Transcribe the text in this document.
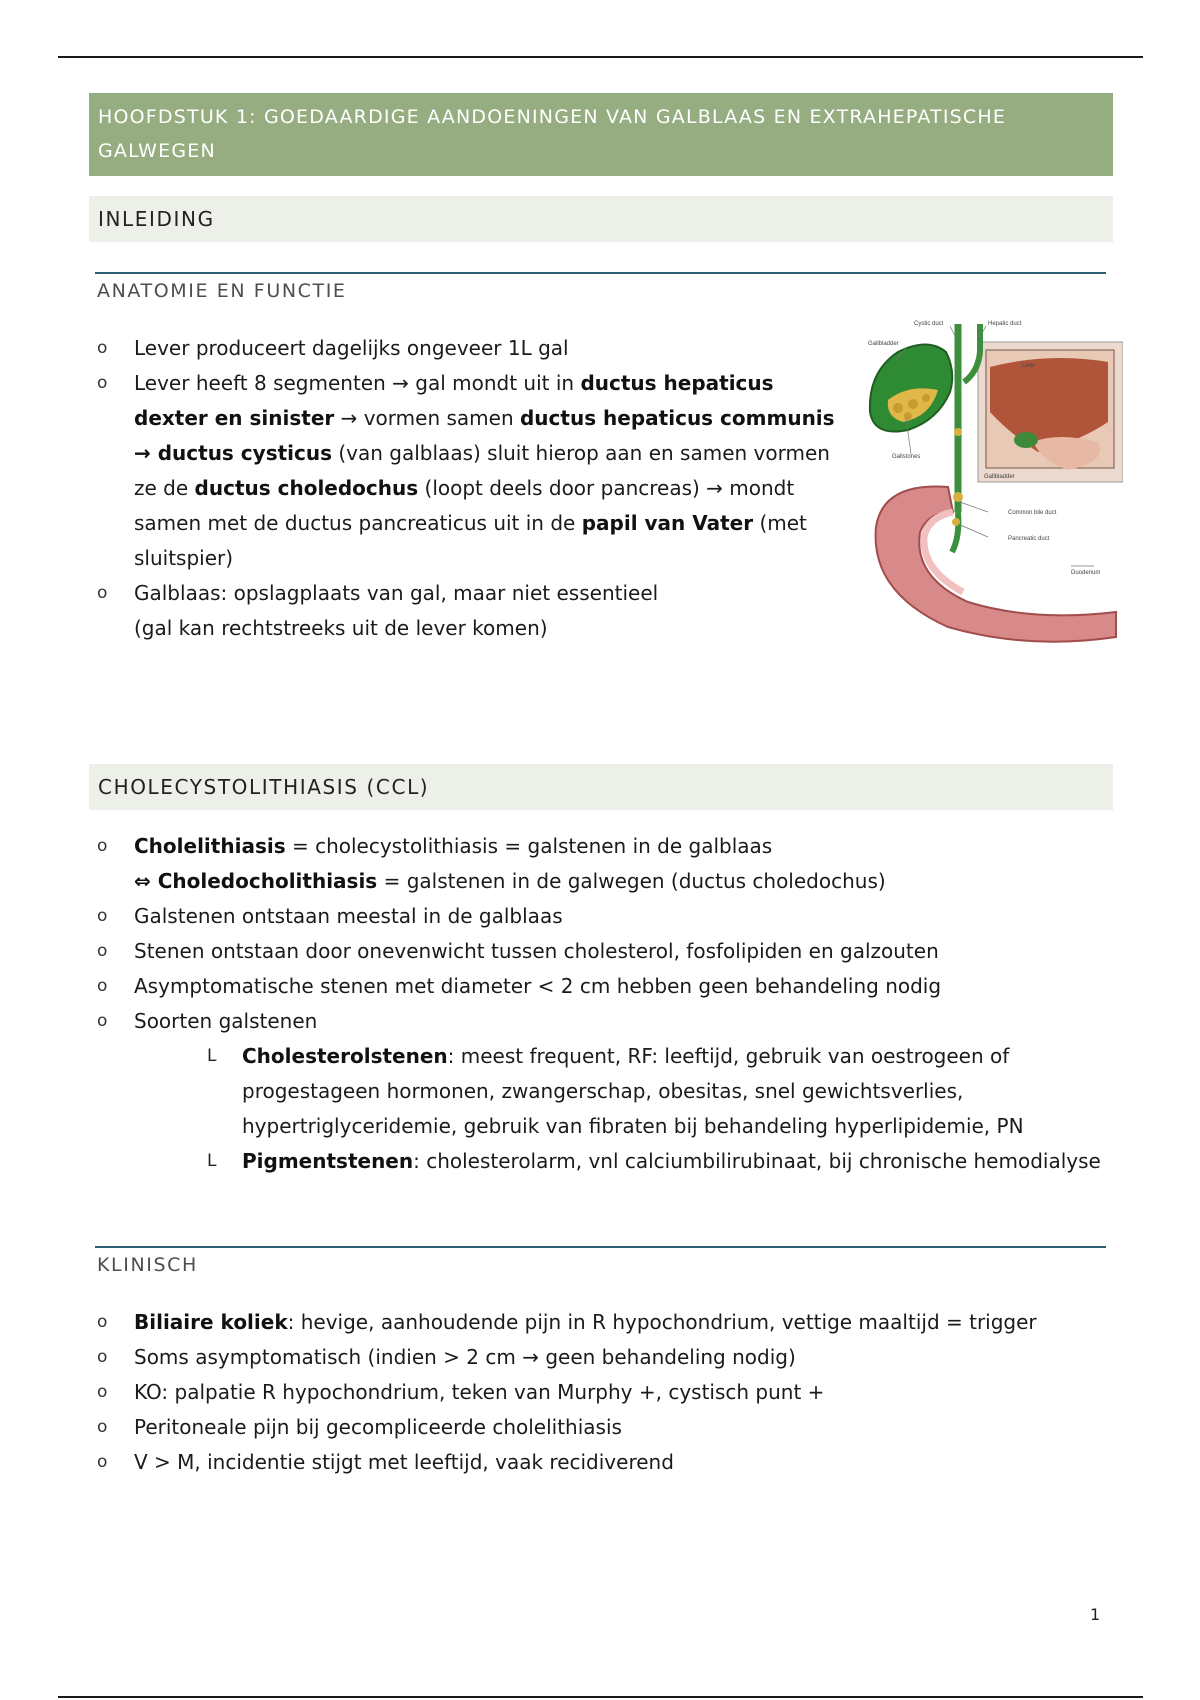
HOOFDSTUK 1: GOEDAARDIGE AANDOENINGEN VAN GALBLAAS EN EXTRAHEPATISCHE GALWEGEN
INLEIDING
ANATOMIE EN FUNCTIE
o Lever produceert dagelijks ongeveer 1L gal
o Lever heeft 8 segmenten → gal mondt uit in ductus hepaticus dexter en sinister → vormen samen ductus hepaticus communis
→ ductus cysticus (van galblaas) sluit hierop aan en samen vormen ze de ductus choledochus (loopt deels door pancreas) → mondt samen met de ductus pancreaticus uit in de papil van Vater (met sluitspier)
o Galblaas: opslagplaats van gal, maar niet essentieel
(gal kan rechtstreeks uit de lever komen)
Cystic duct	Hepatic duct
Gallbladder
Liver
Gallstones
Gallbladder
Common bile duct
Pancreatic duct
Duodenum
CHOLECYSTOLITHIASIS (CCL)
o Cholelithiasis = cholecystolithiasis = galstenen in de galblaas
⇔ Choledocholithiasis = galstenen in de galwegen (ductus choledochus)
o Galstenen ontstaan meestal in de galblaas
o Stenen ontstaan door onevenwicht tussen cholesterol, fosfolipiden en galzouten
o Asymptomatische stenen met diameter < 2 cm hebben geen behandeling nodig
o Soorten galstenen
L Cholesterolstenen: meest frequent, RF: leeftijd, gebruik van oestrogeen of progestageen hormonen, zwangerschap, obesitas, snel gewichtsverlies, hypertriglyceridemie, gebruik van fibraten bij behandeling hyperlipidemie, PN
L Pigmentstenen: cholesterolarm, vnl calciumbilirubinaat, bij chronische hemodialyse
KLINISCH
o Biliaire koliek: hevige, aanhoudende pijn in R hypochondrium, vettige maaltijd = trigger
o Soms asymptomatisch (indien > 2 cm → geen behandeling nodig)
o KO: palpatie R hypochondrium, teken van Murphy +, cystisch punt +
o Peritoneale pijn bij gecompliceerde cholelithiasis
o V > M, incidentie stijgt met leeftijd, vaak recidiverend
1
